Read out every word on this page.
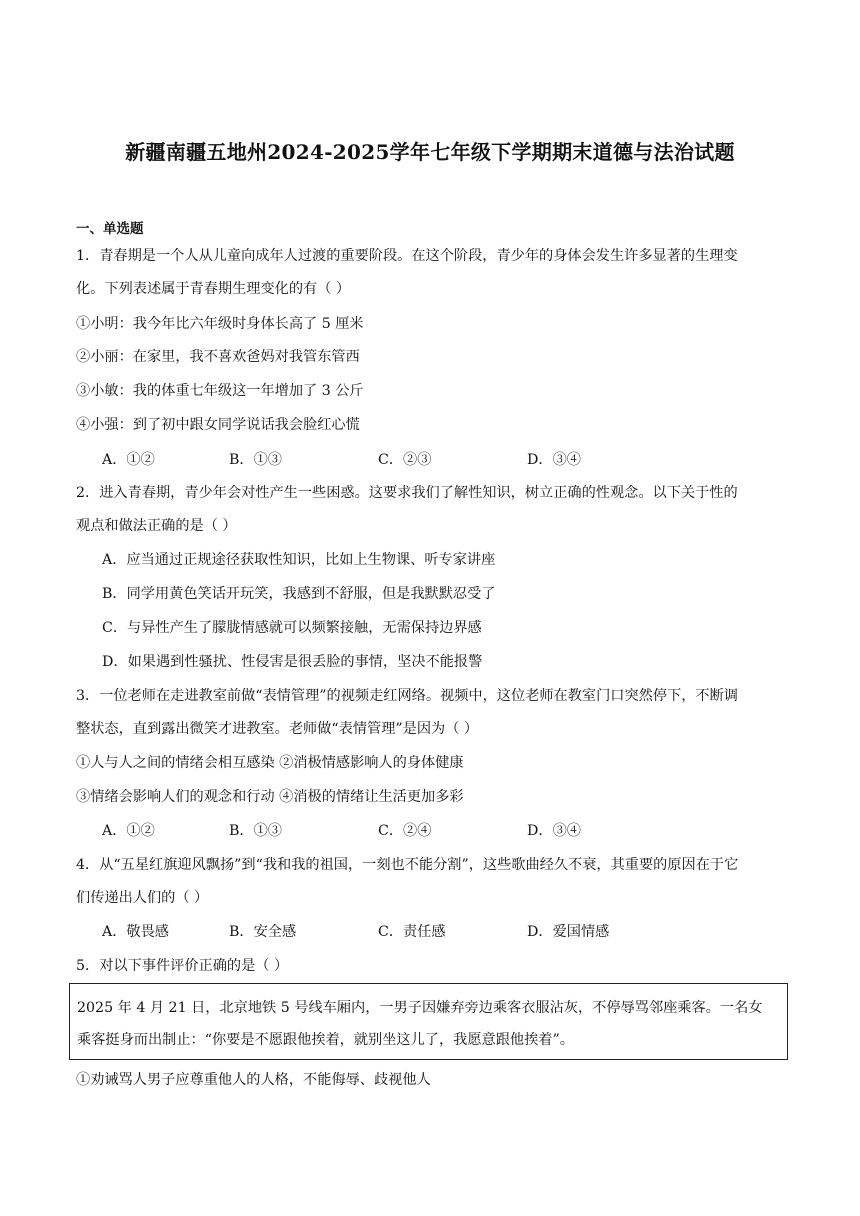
新疆南疆五地州2024-2025学年七年级下学期期末道德与法治试题
一、单选题
1．青春期是一个人从儿童向成年人过渡的重要阶段。在这个阶段，青少年的身体会发生许多显著的生理变
化。下列表述属于青春期生理变化的有（ ）
①小明：我今年比六年级时身体长高了 5 厘米
②小丽：在家里，我不喜欢爸妈对我管东管西
③小敏：我的体重七年级这一年增加了 3 公斤
④小强：到了初中跟女同学说话我会脸红心慌
A．①②	B．①③	C．②③	D．③④
2．进入青春期，青少年会对性产生一些困惑。这要求我们了解性知识，树立正确的性观念。以下关于性的
观点和做法正确的是（ ）
A．应当通过正规途径获取性知识，比如上生物课、听专家讲座
B．同学用黄色笑话开玩笑，我感到不舒服，但是我默默忍受了
C．与异性产生了朦胧情感就可以频繁接触，无需保持边界感
D．如果遇到性骚扰、性侵害是很丢脸的事情，坚决不能报警
3．一位老师在走进教室前做“表情管理”的视频走红网络。视频中，这位老师在教室门口突然停下，不断调
整状态，直到露出微笑才进教室。老师做“表情管理”是因为（ ）
①人与人之间的情绪会相互感染 ②消极情感影响人的身体健康
③情绪会影响人们的观念和行动 ④消极的情绪让生活更加多彩
A．①②	B．①③	C．②④	D．③④
4．从“五星红旗迎风飘扬”到“我和我的祖国，一刻也不能分割”，这些歌曲经久不衰，其重要的原因在于它
们传递出人们的（ ）
A．敬畏感	B．安全感	C．责任感	D．爱国情感
5．对以下事件评价正确的是（ ）
2025 年 4 月 21 日，北京地铁 5 号线车厢内，一男子因嫌弃旁边乘客衣服沾灰，不停辱骂邻座乘客。一名女
乘客挺身而出制止：“你要是不愿跟他挨着，就别坐这儿了，我愿意跟他挨着”。
①劝诫骂人男子应尊重他人的人格，不能侮辱、歧视他人
